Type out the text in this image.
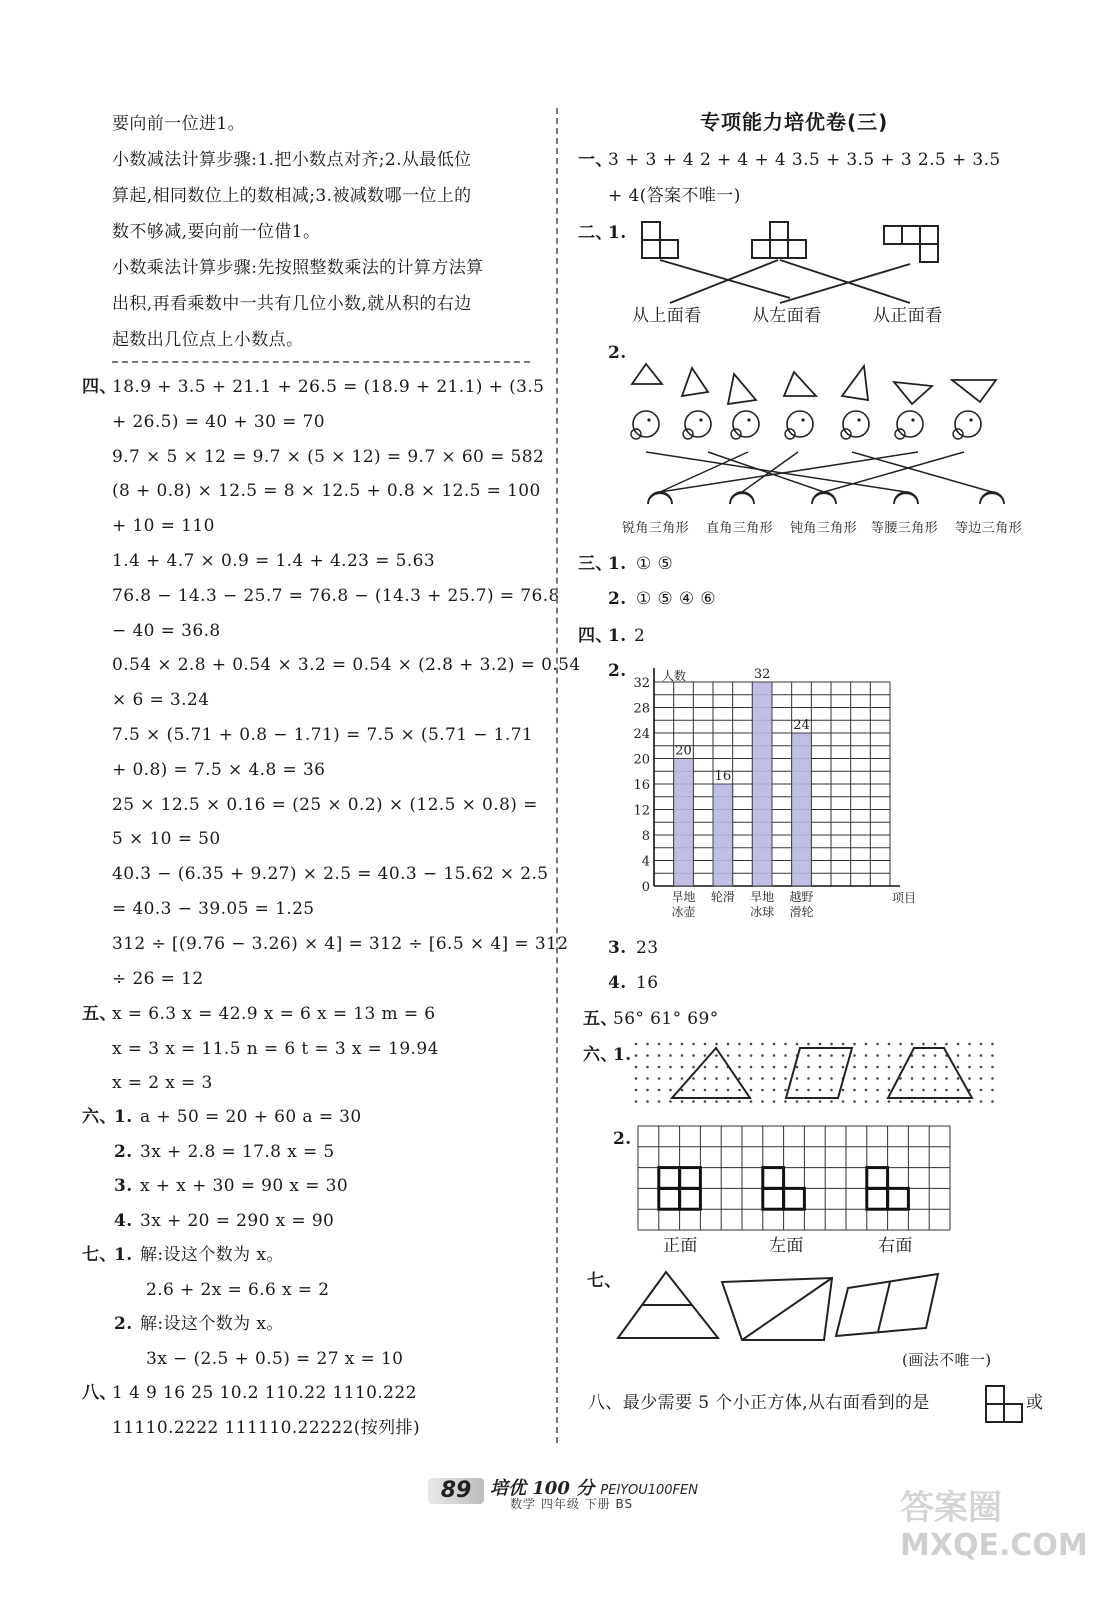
要向前一位进1。
小数减法计算步骤:1.把小数点对齐;2.从最低位
算起,相同数位上的数相减;3.被减数哪一位上的
数不够减,要向前一位借1。
小数乘法计算步骤:先按照整数乘法的计算方法算
出积,再看乘数中一共有几位小数,就从积的右边
起数出几位点上小数点。
四、
18.9 + 3.5 + 21.1 + 26.5 = (18.9 + 21.1) + (3.5
+ 26.5) = 40 + 30 = 70
9.7 × 5 × 12 = 9.7 × (5 × 12) = 9.7 × 60 = 582
(8 + 0.8) × 12.5 = 8 × 12.5 + 0.8 × 12.5 = 100
+ 10 = 110
1.4 + 4.7 × 0.9 = 1.4 + 4.23 = 5.63
76.8 − 14.3 − 25.7 = 76.8 − (14.3 + 25.7) = 76.8
− 40 = 36.8
0.54 × 2.8 + 0.54 × 3.2 = 0.54 × (2.8 + 3.2) = 0.54
× 6 = 3.24
7.5 × (5.71 + 0.8 − 1.71) = 7.5 × (5.71 − 1.71
+ 0.8) = 7.5 × 4.8 = 36
25 × 12.5 × 0.16 = (25 × 0.2) × (12.5 × 0.8) =
5 × 10 = 50
40.3 − (6.35 + 9.27) × 2.5 = 40.3 − 15.62 × 2.5
= 40.3 − 39.05 = 1.25
312 ÷ [(9.76 − 3.26) × 4] = 312 ÷ [6.5 × 4] = 312
÷ 26 = 12
五、
x = 6.3 x = 42.9 x = 6 x = 13 m = 6
x = 3 x = 11.5 n = 6 t = 3 x = 19.94
x = 2 x = 3
六、
1. a + 50 = 20 + 60 a = 30
2. 3x + 2.8 = 17.8 x = 5
3. x + x + 30 = 90 x = 30
4. 3x + 20 = 290 x = 90
七、
1. 解:设这个数为 x。
2.6 + 2x = 6.6 x = 2
2. 解:设这个数为 x。
3x − (2.5 + 0.5) = 27 x = 10
八、
1 4 9 16 25 10.2 110.22 1110.222
11110.2222 111110.22222(按列排)
专项能力培优卷(三)
一、
3 + 3 + 4 2 + 4 + 4 3.5 + 3.5 + 3 2.5 + 3.5
+ 4(答案不唯一)
二、
1.
从上面看	从左面看	从正面看
2.
锐角三角形 直角三角形 钝角三角形 等腰三角形 等边三角形
三、
1. ① ⑤
2. ① ⑤ ④ ⑥
四、
1. 2
2.
0
4
8
12
16
20
24
28
32 人数
项目
20
旱地
冰壶
16
轮滑
32
旱地
冰球
24
越野
滑轮
3. 23
4. 16
五、
56° 61° 69°
六、
1.
2.
正面	左面	右面
七、
(画法不唯一)
八、最少需要 5 个小正方体,从右面看到的是	或
89	培优 100 分 PEIYOU100FEN
数学 四年级 下册 BS	答案圈
MXQE.COM
